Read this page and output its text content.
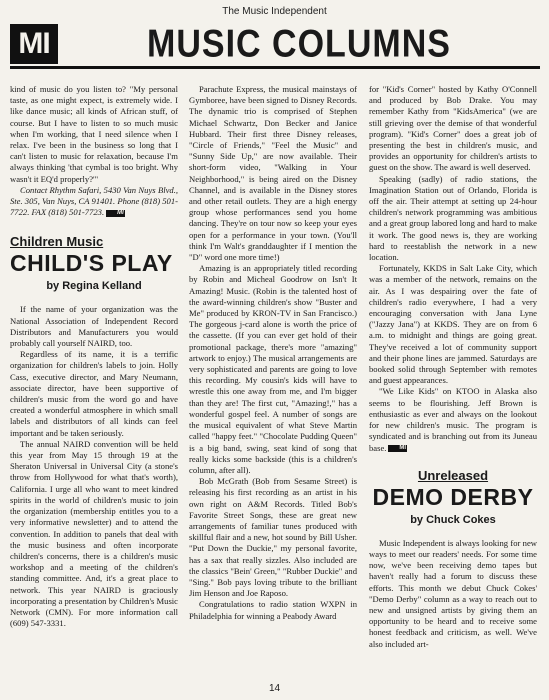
The Music Independent
MI	MUSIC COLUMNS

kind of music do you listen to? "My personal taste, as one might expect, is extremely wide. I like dance music; all kinds of African stuff, of course. But I have to listen to so much music when I'm working, that I need silence when I relax. I've been in the business so long that I can't listen to music for relaxation, because I'm always thinking 'that cymbal is too bright. Why wasn't it EQ'd properly?'"

Contact Rhythm Safari, 5430 Van Nuys Blvd., Ste. 305, Van Nuys, CA 91401. Phone (818) 501-7722. FAX (818) 501-7723. MI

Children Music
CHILD'S PLAY
by Regina Kelland

If the name of your organization was the National Association of Independent Record Distributors and Manufacturers you would probably call yourself NAIRD, too.

Regardless of its name, it is a terrific organization for children's labels to join. Holly Cass, executive director, and Mary Neumann, associate director, have been supportive of children's music from the word go and have created a wonderful atmosphere in which small labels and distributors of all kinds can feel important and be taken seriously.

The annual NAIRD convention will be held this year from May 15 through 19 at the Sheraton Universal in Universal City (a stone's throw from Hollywood for what that's worth), California. I urge all who want to meet kindred spirits in the world of children's music to join the organization (membership entitles you to a very informative newsletter) and to attend the convention. In addition to panels that deal with the music business and often incorporate children's concerns, there is a children's music workshop and a meeting of the children's standing committee. And, it's a great place to network. This year NAIRD is graciously incorporating a presentation by Children's Music Network (CMN). For more information call (609) 547-3331.

Parachute Express, the musical mainstays of Gymboree, have been signed to Disney Records. The dynamic trio is comprised of Stephen Michael Schwartz, Don Becker and Janice Hubbard. Their first three Disney releases, "Circle of Friends," "Feel the Music" and "Sunny Side Up," are now available. Their short-form video, "Walking in Your Neighborhood," is being aired on the Disney Channel, and is available in the Disney stores and other retail outlets. They are a high energy group whose performances send you home dancing. They're on tour now so keep your eyes open for a performance in your town. (You'll think I'm Walt's granddaughter if I mention the "D" word one more time!)

Amazing is an appropriately titled recording by Robin and Micheal Goodrow on Isn't It Amazing! Music. (Robin is the talented host of the award-winning children's show "Buster and Me" produced by KRON-TV in San Francisco.) The gorgeous j-card alone is worth the price of the cassette. (If you can ever get hold of their promotional package, there's more "amazing" artwork to enjoy.) The musical arrangements are very sophisticated and parents are going to love this recording. My cousin's kids will have to wrestle this one away from me, and I'm bigger than they are! The first cut, "Amazing!," has a wonderful gospel feel. A number of songs are the musical equivalent of what Steve Martin called "happy feet." "Chocolate Pudding Queen" is a big band, swing, seat kind of song that really kicks some backside (this is a children's column, after all).

Bob McGrath (Bob from Sesame Street) is releasing his first recording as an artist in his own right on A&M Records. Titled Bob's Favorite Street Songs, these are great new arrangements of familiar tunes produced with skillful flair and a new, hot sound by Bill Usher. "Put Down the Duckie," my personal favorite, has a sax that really sizzles. Also included are the classics "Bein' Green," "Rubber Duckie" and "Sing." Bob pays loving tribute to the brilliant Jim Henson and Joe Raposo.

Congratulations to radio station WXPN in Philadelphia for winning a Peabody Award

for "Kid's Corner" hosted by Kathy O'Connell and produced by Bob Drake. You may remember Kathy from "KidsAmerica" (we are still grieving over the demise of that wonderful program). "Kid's Corner" does a great job of presenting the best in children's music, and provides an opportunity for children's artists to guest on the show. The award is well deserved.

Speaking (sadly) of radio stations, the Imagination Station out of Orlando, Florida is off the air. Their attempt at setting up 24-hour children's network programming was ambitious and a great group labored long and hard to make it work. The good news is, they are working hard to reestablish the network in a new location.

Fortunately, KKDS in Salt Lake City, which was a member of the network, remains on the air. As I was despairing over the fate of children's radio everywhere, I had a very encouraging conversation with Jana Lyne ("Jazzy Jana") at KKDS. They are on from 6 a.m. to midnight and things are going great. They've received a lot of community support and their phone lines are jammed. Saturdays are booked solid through September with remotes and guest appearances.

"We Like Kids" on KTOO in Alaska also seems to be flourishing. Jeff Brown is enthusiastic as ever and always on the lookout for new children's music. The program is syndicated and is branching out from its Juneau base. MI

Unreleased
DEMO DERBY
by Chuck Cokes

Music Independent is always looking for new ways to meet our readers' needs. For some time now, we've been receiving demo tapes but haven't really had a forum to discuss these efforts. This month we debut Chuck Cokes' "Demo Derby" column as a way to reach out to new and unsigned artists by giving them an opportunity to be heard and to receive some honest feedback and criticism, as well. We've also included art-

14
